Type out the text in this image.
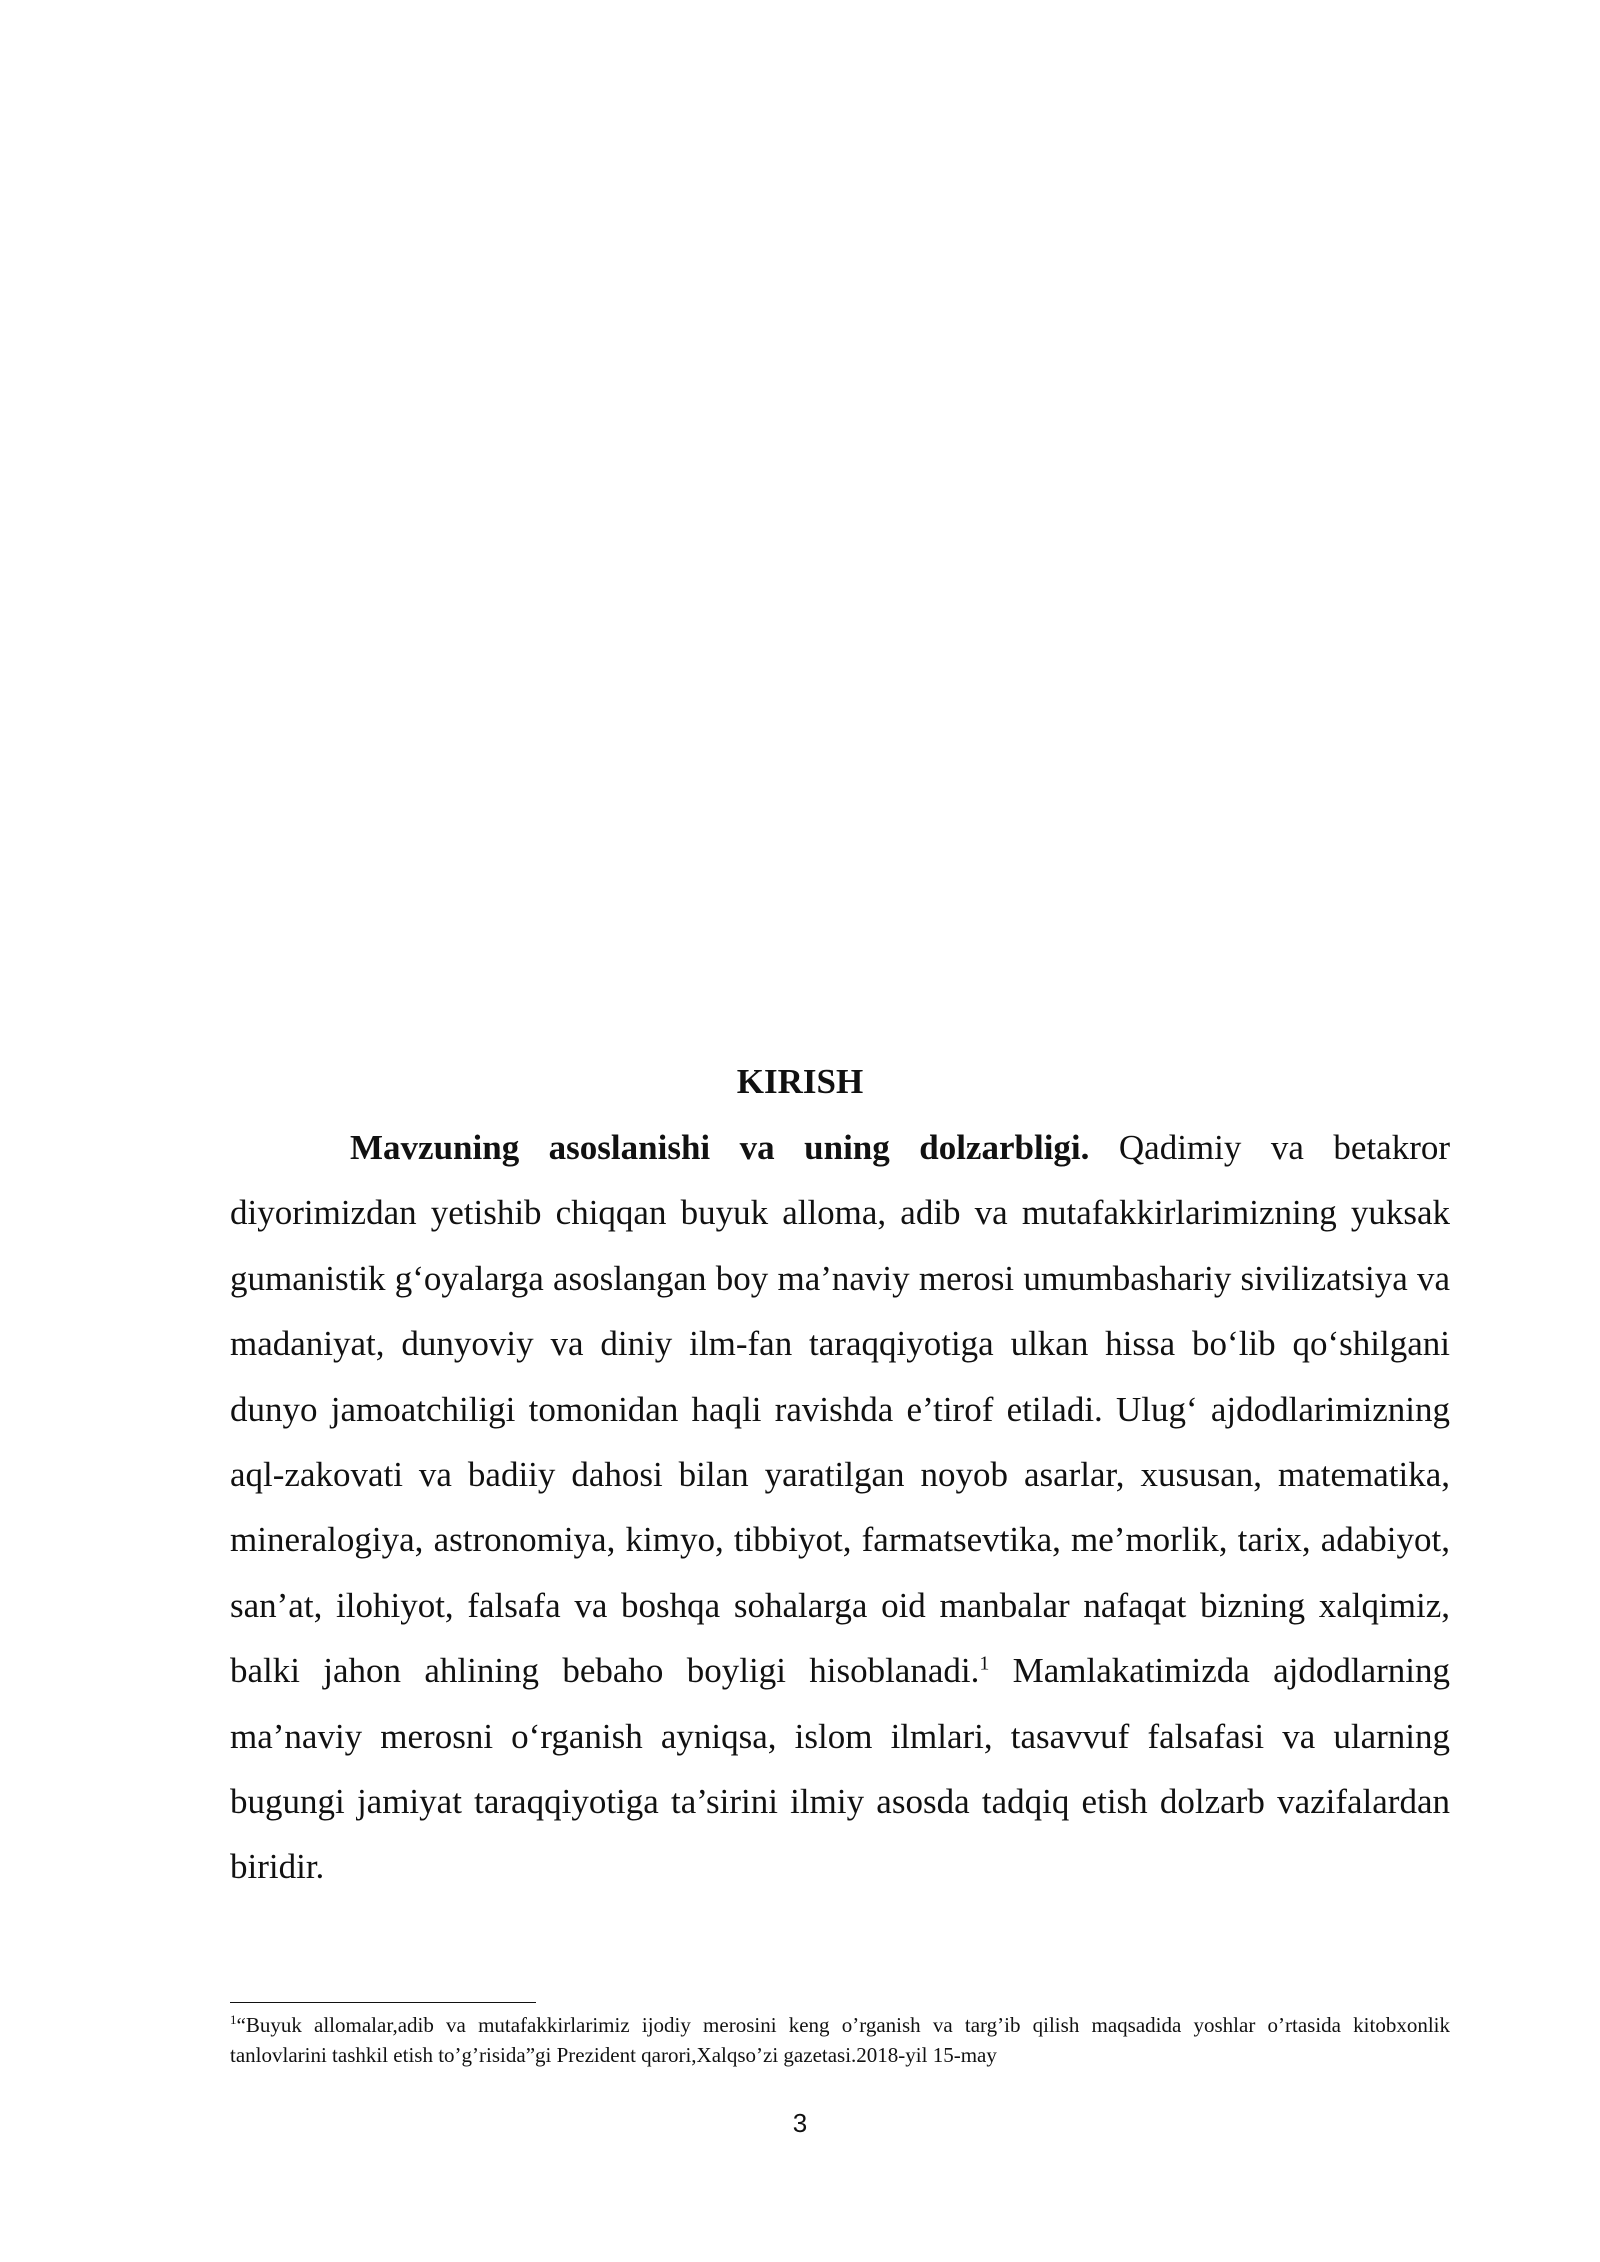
KIRISH

Mavzuning asoslanishi va uning dolzarbligi. Qadimiy va betakror diyorimizdan yetishib chiqqan buyuk alloma, adib va mutafakkirlarimizning yuksak gumanistik g‘oyalarga asoslangan boy ma’naviy merosi umumbashariy sivilizatsiya va madaniyat, dunyoviy va diniy ilm-fan taraqqiyotiga ulkan hissa bo‘lib qo‘shilgani dunyo jamoatchiligi tomonidan haqli ravishda e’tirof etiladi. Ulug‘ ajdodlarimizning aql-zakovati va badiiy dahosi bilan yaratilgan noyob asarlar, xususan, matematika, mineralogiya, astronomiya, kimyo, tibbiyot, farmatsevtika, me’morlik, tarix, adabiyot, san’at, ilohiyot, falsafa va boshqa sohalarga oid manbalar nafaqat bizning xalqimiz, balki jahon ahlining bebaho boyligi hisoblanadi.$^1$ Mamlakatimizda ajdodlarning ma’naviy merosni o‘rganish ayniqsa, islom ilmlari, tasavvuf falsafasi va ularning bugungi jamiyat taraqqiyotiga ta’sirini ilmiy asosda tadqiq etish dolzarb vazifalardan biridir.

$^1$“Buyuk allomalar,adib va mutafakkirlarimiz ijodiy merosini keng o’rganish va targ’ib qilish maqsadida yoshlar o’rtasida kitobxonlik tanlovlarini tashkil etish to’g’risida”gi Prezident qarori,Xalqso’zi gazetasi.2018-yil 15-may

3
